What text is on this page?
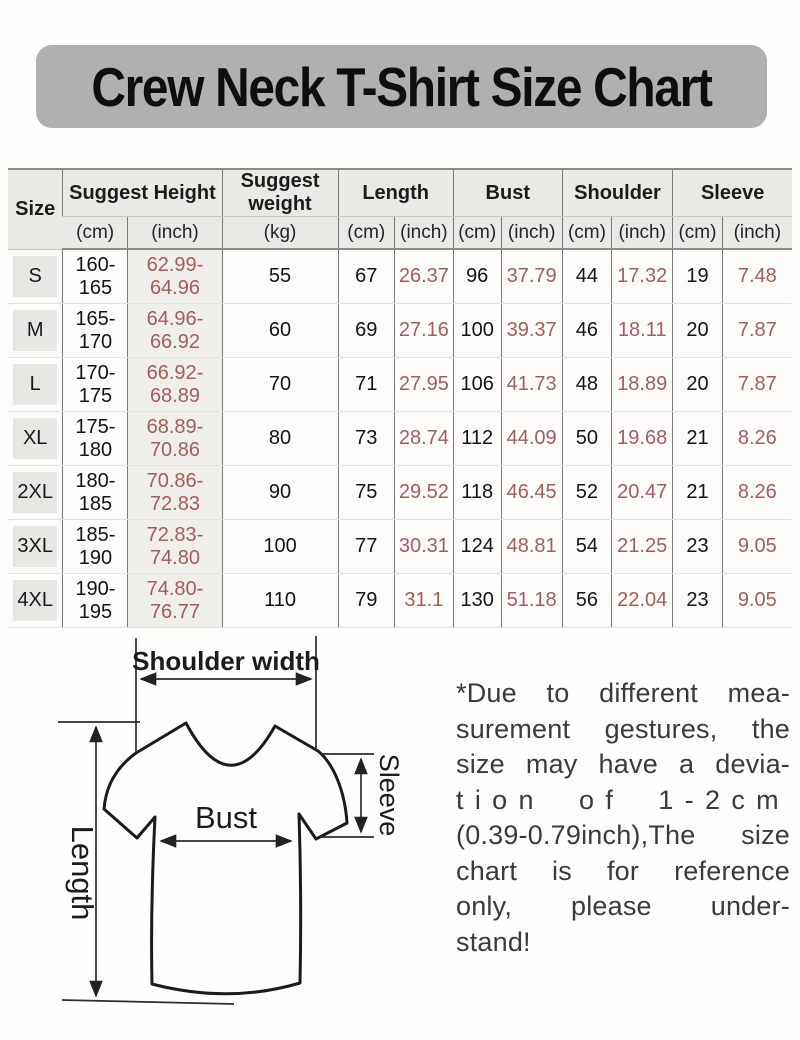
Crew Neck T-Shirt Size Chart
Size	Suggest Height		Suggest weight	Length		Bust		Shoulder		Sleeve	
	(cm)	(inch)	(kg)	(cm)	(inch)	(cm)	(inch)	(cm)	(inch)	(cm)	(inch)
S	160-165	62.99-64.96	55	67	26.37	96	37.79	44	17.32	19	7.48
M	165-170	64.96-66.92	60	69	27.16	100	39.37	46	18.11	20	7.87
L	170-175	66.92-68.89	70	71	27.95	106	41.73	48	18.89	20	7.87
XL	175-180	68.89-70.86	80	73	28.74	112	44.09	50	19.68	21	8.26
2XL	180-185	70.86-72.83	90	75	29.52	118	46.45	52	20.47	21	8.26
3XL	185-190	72.83-74.80	100	77	30.31	124	48.81	54	21.25	23	9.05
4XL	190-195	74.80-76.77	110	79	31.1	130	51.18	56	22.04	23	9.05
Shoulder width
Bust	Sleeve
Length
*Due to different mea-
surement gestures, the
size may have a devia-
tion of 1-2cm
(0.39-0.79inch),The size
chart is for reference
only, please under-
stand!
